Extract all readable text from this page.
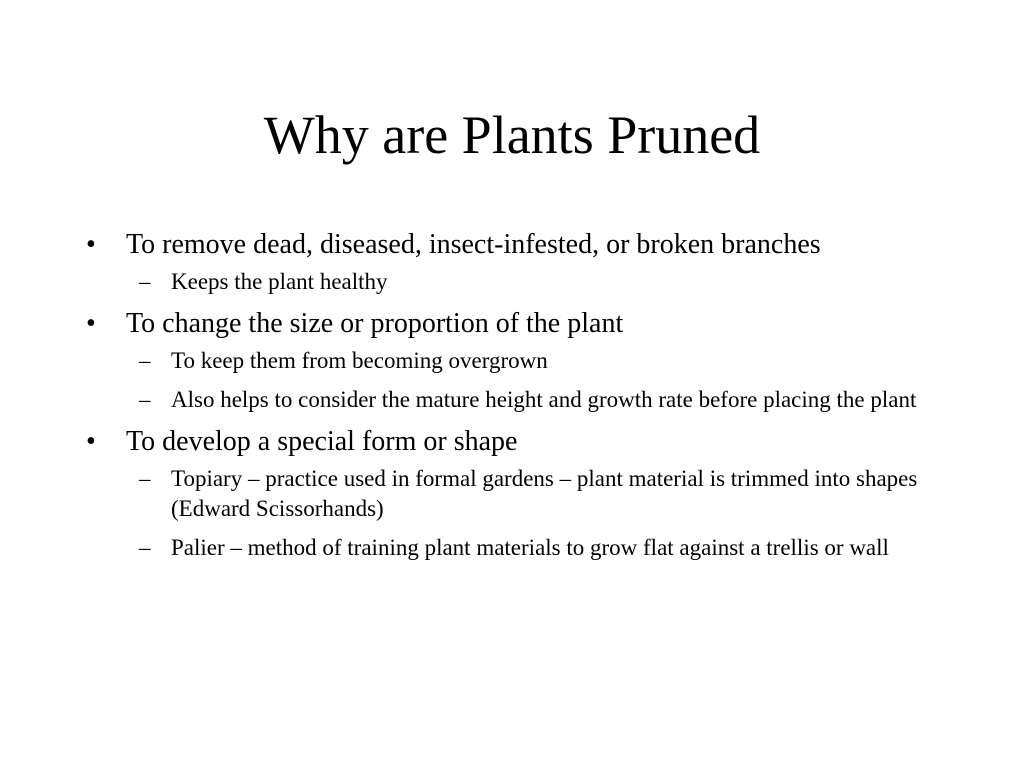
Why are Plants Pruned
•	To remove dead, diseased, insect-infested, or broken branches
– Keeps the plant healthy
•	To change the size or proportion of the plant
– To keep them from becoming overgrown
– Also helps to consider the mature height and growth rate before placing the plant
•	To develop a special form or shape
– Topiary – practice used in formal gardens – plant material is trimmed into shapes (Edward Scissorhands)
– Palier – method of training plant materials to grow flat against a trellis or wall
